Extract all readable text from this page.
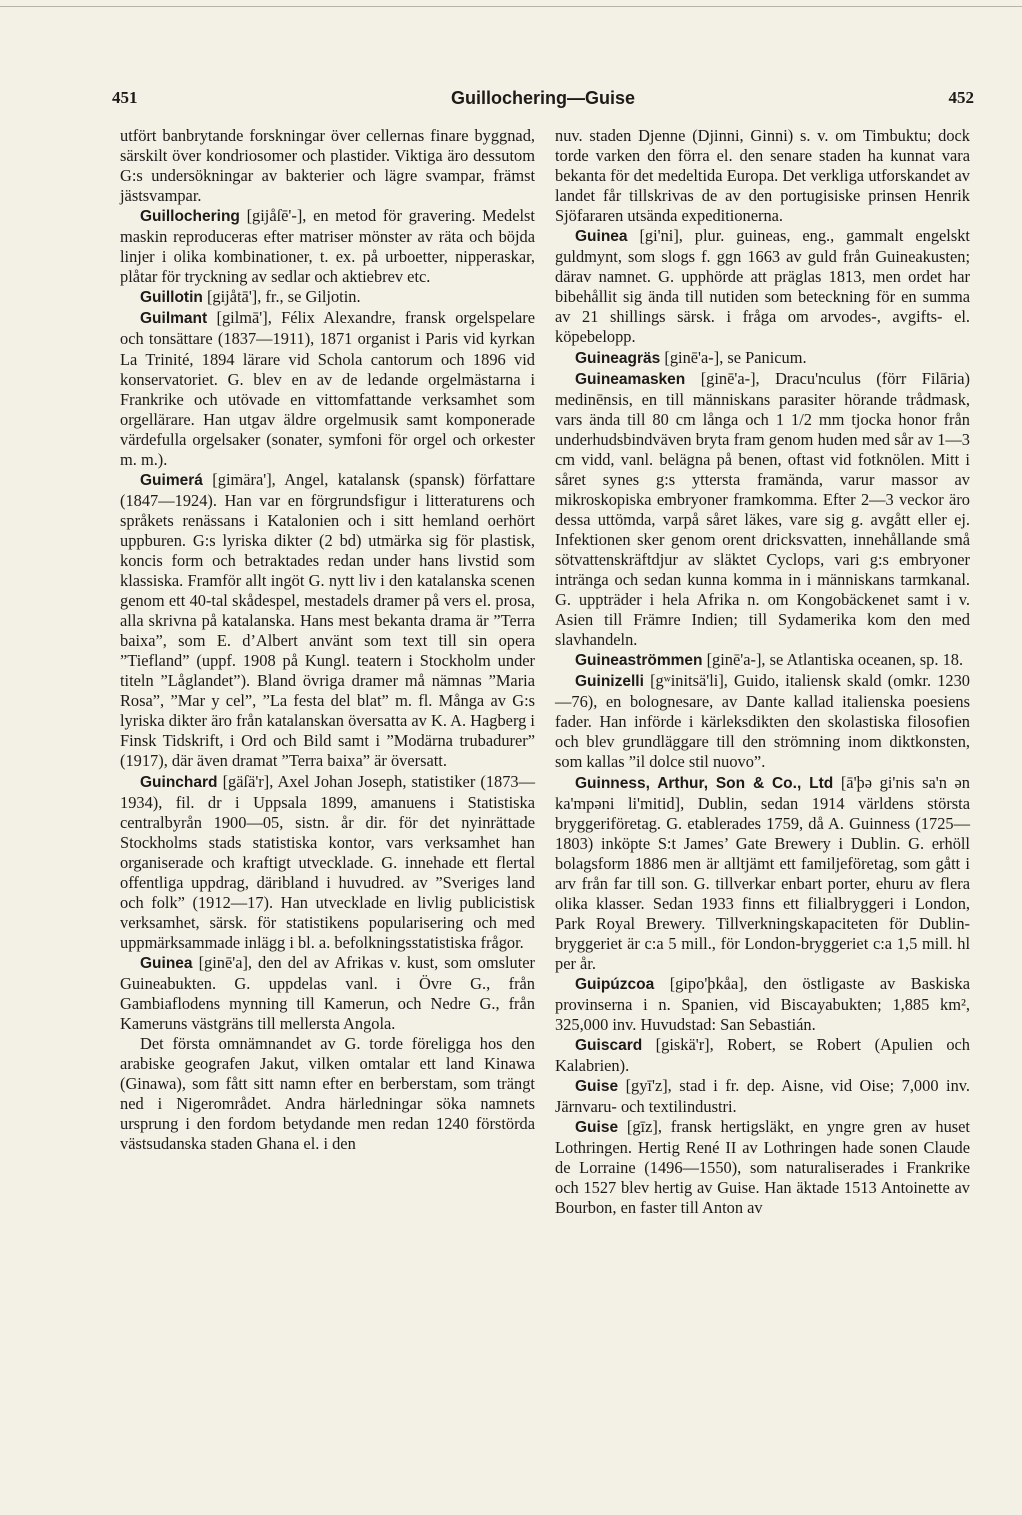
451	Guillochering—Guise	452

utfört banbrytande forskningar över cellernas finare byggnad, särskilt över kondriosomer och plastider. Viktiga äro dessutom G:s undersökningar av bakterier och lägre svampar, främst jästsvampar.

Guillochering [gijåſē'-], en metod för gravering. Medelst maskin reproduceras efter matriser mönster av räta och böjda linjer i olika kombinationer, t. ex. på urboetter, nipperaskar, plåtar för tryckning av sedlar och aktiebrev etc.

Guillotin [gijåtā'], fr., se Giljotin.

Guilmant [gilmā'], Félix Alexandre, fransk orgelspelare och tonsättare (1837—1911), 1871 organist i Paris vid kyrkan La Trinité, 1894 lärare vid Schola cantorum och 1896 vid konservatoriet. G. blev en av de ledande orgelmästarna i Frankrike och utövade en vittomfattande verksamhet som orgellärare. Han utgav äldre orgelmusik samt komponerade värdefulla orgelsaker (sonater, symfoni för orgel och orkester m. m.).

Guimerá [gimära'], Angel, katalansk (spansk) författare (1847—1924). Han var en förgrundsfigur i litteraturens och språkets renässans i Katalonien och i sitt hemland oerhört uppburen. G:s lyriska dikter (2 bd) utmärka sig för plastisk, koncis form och betraktades redan under hans livstid som klassiska. Framför allt ingöt G. nytt liv i den katalanska scenen genom ett 40-tal skådespel, mestadels dramer på vers el. prosa, alla skrivna på katalanska. Hans mest bekanta drama är ”Terra baixa”, som E. d’Albert använt som text till sin opera ”Tiefland” (uppf. 1908 på Kungl. teatern i Stockholm under titeln ”Låglandet”). Bland övriga dramer må nämnas ”Maria Rosa”, ”Mar y cel”, ”La festa del blat” m. fl. Många av G:s lyriska dikter äro från katalanskan översatta av K. A. Hagberg i Finsk Tidskrift, i Ord och Bild samt i ”Modärna trubadurer” (1917), där även dramat ”Terra baixa” är översatt.

Guinchard [gäſä'r], Axel Johan Joseph, statistiker (1873—1934), fil. dr i Uppsala 1899, amanuens i Statistiska centralbyrån 1900—05, sistn. år dir. för det nyinrättade Stockholms stads statistiska kontor, vars verksamhet han organiserade och kraftigt utvecklade. G. innehade ett flertal offentliga uppdrag, däribland i huvudred. av ”Sveriges land och folk” (1912—17). Han utvecklade en livlig publicistisk verksamhet, särsk. för statistikens popularisering och med uppmärksammade inlägg i bl. a. befolkningsstatistiska frågor.

Guinea [ginē'a], den del av Afrikas v. kust, som omsluter Guineabukten. G. uppdelas vanl. i Övre G., från Gambiaflodens mynning till Kamerun, och Nedre G., från Kameruns västgräns till mellersta Angola.

Det första omnämnandet av G. torde föreligga hos den arabiske geografen Jakut, vilken omtalar ett land Kinawa (Ginawa), som fått sitt namn efter en berberstam, som trängt ned i Nigerområdet. Andra härledningar söka namnets ursprung i den fordom betydande men redan 1240 förstörda västsudanska staden Ghana el. i den

nuv. staden Djenne (Djinni, Ginni) s. v. om Timbuktu; dock torde varken den förra el. den senare staden ha kunnat vara bekanta för det medeltida Europa. Det verkliga utforskandet av landet får tillskrivas de av den portugisiske prinsen Henrik Sjöfararen utsända expeditionerna.

Guinea [gi'ni], plur. guineas, eng., gammalt engelskt guldmynt, som slogs f. ggn 1663 av guld från Guineakusten; därav namnet. G. upphörde att präglas 1813, men ordet har bibehållit sig ända till nutiden som beteckning för en summa av 21 shillings särsk. i fråga om arvodes-, avgifts- el. köpebelopp.

Guineagräs [ginē'a-], se Panicum.

Guineamasken [ginē'a-], Dracu'nculus (förr Filāria) medinēnsis, en till människans parasiter hörande trådmask, vars ända till 80 cm långa och 1 1/2 mm tjocka honor från underhudsbindväven bryta fram genom huden med sår av 1—3 cm vidd, vanl. belägna på benen, oftast vid fotknölen. Mitt i såret synes g:s yttersta framända, varur massor av mikroskopiska embryoner framkomma. Efter 2—3 veckor äro dessa uttömda, varpå såret läkes, vare sig g. avgått eller ej. Infektionen sker genom orent dricksvatten, innehållande små sötvattenskräftdjur av släktet Cyclops, vari g:s embryoner intränga och sedan kunna komma in i människans tarmkanal. G. uppträder i hela Afrika n. om Kongobäckenet samt i v. Asien till Främre Indien; till Sydamerika kom den med slavhandeln.

Guineaströmmen [ginē'a-], se Atlantiska oceanen, sp. 18.

Guinizelli [gʷinitsä'li], Guido, italiensk skald (omkr. 1230—76), en bolognesare, av Dante kallad italienska poesiens fader. Han införde i kärleksdikten den skolastiska filosofien och blev grundläggare till den strömning inom diktkonsten, som kallas ”il dolce stil nuovo”.

Guinness, Arthur, Son & Co., Ltd [ā'þə gi'nis sa'n ən ka'mpəni li'mitid], Dublin, sedan 1914 världens största bryggeriföretag. G. etablerades 1759, då A. Guinness (1725—1803) inköpte S:t James’ Gate Brewery i Dublin. G. erhöll bolagsform 1886 men är alltjämt ett familjeföretag, som gått i arv från far till son. G. tillverkar enbart porter, ehuru av flera olika klasser. Sedan 1933 finns ett filialbryggeri i London, Park Royal Brewery. Tillverkningskapaciteten för Dublin-bryggeriet är c:a 5 mill., för London-bryggeriet c:a 1,5 mill. hl per år.

Guipúzcoa [gipo'þkåa], den östligaste av Baskiska provinserna i n. Spanien, vid Biscayabukten; 1,885 km², 325,000 inv. Huvudstad: San Sebastián.

Guiscard [giskä'r], Robert, se Robert (Apulien och Kalabrien).

Guise [gyī'z], stad i fr. dep. Aisne, vid Oise; 7,000 inv. Järnvaru- och textilindustri.

Guise [gīz], fransk hertigsläkt, en yngre gren av huset Lothringen. Hertig René II av Lothringen hade sonen Claude de Lorraine (1496—1550), som naturaliserades i Frankrike och 1527 blev hertig av Guise. Han äktade 1513 Antoinette av Bourbon, en faster till Anton av
